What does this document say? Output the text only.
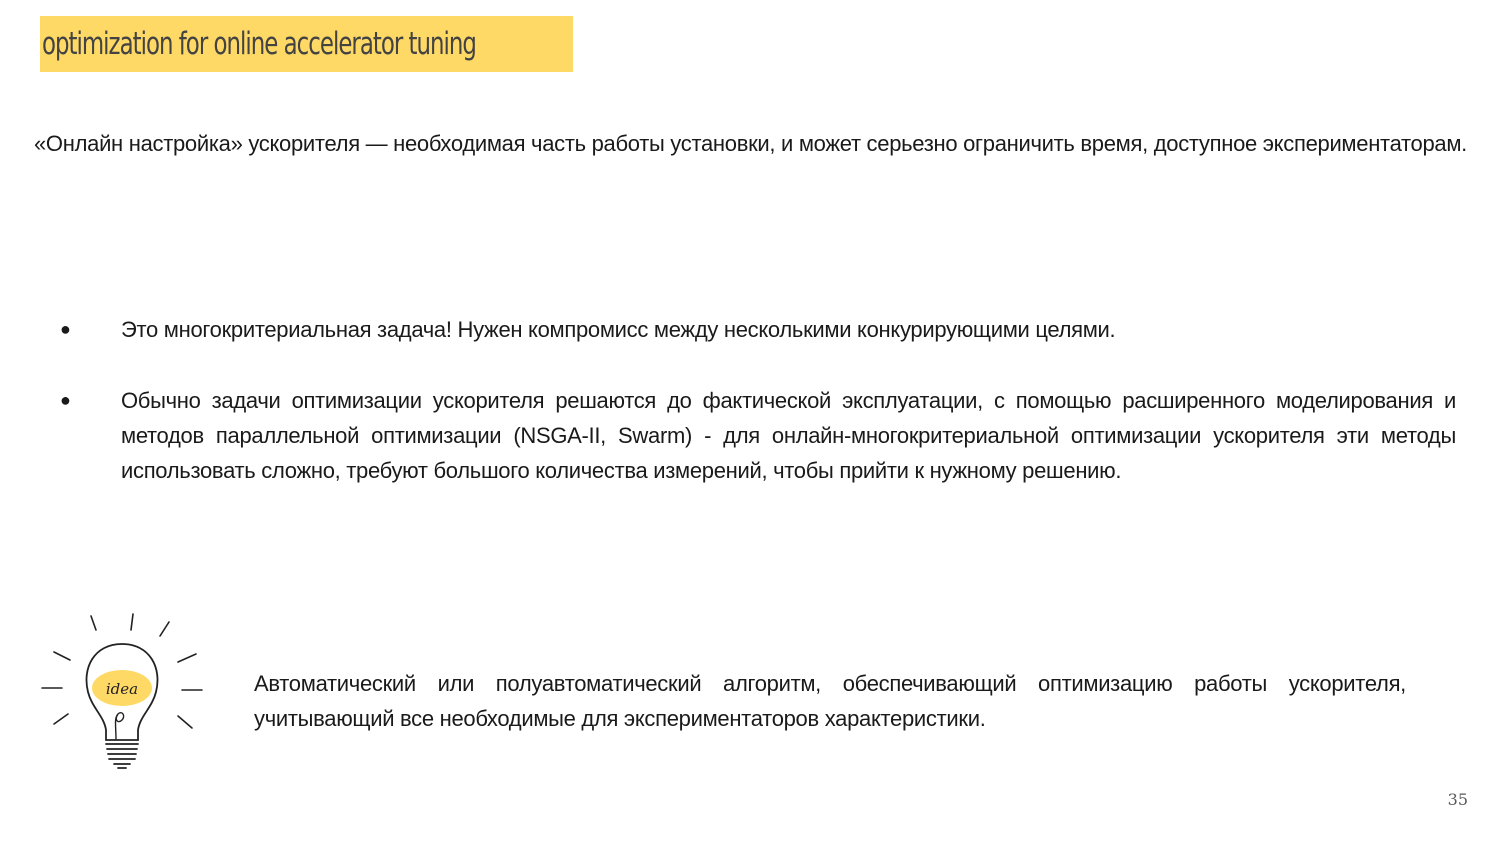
optimization for online accelerator tuning
«Онлайн настройка» ускорителя — необходимая часть работы установки, и может серьезно ограничить время, доступное экспериментаторам.
● Это многокритериальная задача! Нужен компромисс между несколькими конкурирующими целями.
● Обычно задачи оптимизации ускорителя решаются до фактической эксплуатации, с помощью расширенного моделирования и методов параллельной оптимизации (NSGA-II, Swarm) - для онлайн-многокритериальной оптимизации ускорителя эти методы использовать сложно, требуют большого количества измерений, чтобы прийти к нужному решению.
idea	Автоматический или полуавтоматический алгоритм, обеспечивающий оптимизацию работы ускорителя, учитывающий все необходимые для экспериментаторов характеристики.
35
